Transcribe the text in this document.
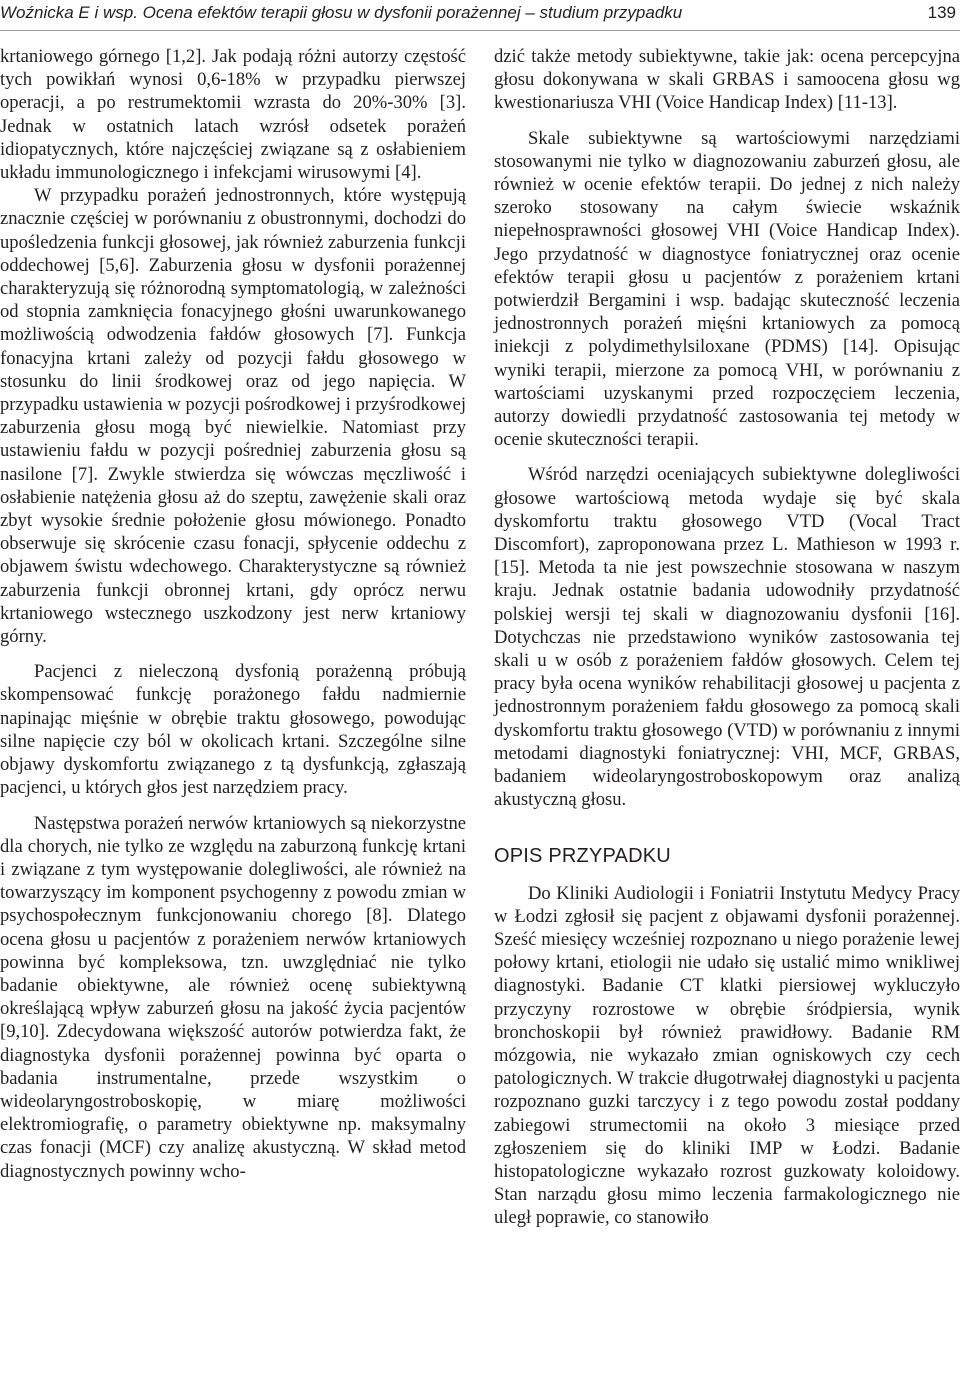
Woźnicka E i wsp. Ocena efektów terapii głosu w dysfonii porażennej – studium przypadku	139

krtaniowego górnego [1,2]. Jak podają różni autorzy częstość tych powikłań wynosi 0,6-18% w przypadku pierwszej operacji, a po restrumektomii wzrasta do 20%-30% [3]. Jednak w ostatnich latach wzrósł odsetek porażeń idiopatycznych, które najczęściej związane są z osłabieniem układu immunologicznego i infekcjami wirusowymi [4].

W przypadku porażeń jednostronnych, które występują znacznie częściej w porównaniu z obustronnymi, dochodzi do upośledzenia funkcji głosowej, jak również zaburzenia funkcji oddechowej [5,6]. Zaburzenia głosu w dysfonii porażennej charakteryzują się różnorodną symptomatologią, w zależności od stopnia zamknięcia fonacyjnego głośni uwarunkowanego możliwością odwodzenia fałdów głosowych [7]. Funkcja fonacyjna krtani zależy od pozycji fałdu głosowego w stosunku do linii środkowej oraz od jego napięcia. W przypadku ustawienia w pozycji pośrodkowej i przyśrodkowej zaburzenia głosu mogą być niewielkie. Natomiast przy ustawieniu fałdu w pozycji pośredniej zaburzenia głosu są nasilone [7]. Zwykle stwierdza się wówczas męczliwość i osłabienie natężenia głosu aż do szeptu, zawężenie skali oraz zbyt wysokie średnie położenie głosu mówionego. Ponadto obserwuje się skrócenie czasu fonacji, spłycenie oddechu z objawem świstu wdechowego. Charakterystyczne są również zaburzenia funkcji obronnej krtani, gdy oprócz nerwu krtaniowego wstecznego uszkodzony jest nerw krtaniowy górny.

Pacjenci z nieleczoną dysfonią porażenną próbują skompensować funkcję porażonego fałdu nadmiernie napinając mięśnie w obrębie traktu głosowego, powodując silne napięcie czy ból w okolicach krtani. Szczególne silne objawy dyskomfortu związanego z tą dysfunkcją, zgłaszają pacjenci, u których głos jest narzędziem pracy.

Następstwa porażeń nerwów krtaniowych są niekorzystne dla chorych, nie tylko ze względu na zaburzoną funkcję krtani i związane z tym występowanie dolegliwości, ale również na towarzyszący im komponent psychogenny z powodu zmian w psychospołecznym funkcjonowaniu chorego [8]. Dlatego ocena głosu u pacjentów z porażeniem nerwów krtaniowych powinna być kompleksowa, tzn. uwzględniać nie tylko badanie obiektywne, ale również ocenę subiektywną określającą wpływ zaburzeń głosu na jakość życia pacjentów [9,10]. Zdecydowana większość autorów potwierdza fakt, że diagnostyka dysfonii porażennej powinna być oparta o badania instrumentalne, przede wszystkim o wideolaryngostroboskopię, w miarę możliwości elektromiografię, o parametry obiektywne np. maksymalny czas fonacji (MCF) czy analizę akustyczną. W skład metod diagnostycznych powinny wcho-

dzić także metody subiektywne, takie jak: ocena percepcyjna głosu dokonywana w skali GRBAS i samoocena głosu wg kwestionariusza VHI (Voice Handicap Index) [11-13].

Skale subiektywne są wartościowymi narzędziami stosowanymi nie tylko w diagnozowaniu zaburzeń głosu, ale również w ocenie efektów terapii. Do jednej z nich należy szeroko stosowany na całym świecie wskaźnik niepełnosprawności głosowej VHI (Voice Handicap Index). Jego przydatność w diagnostyce foniatrycznej oraz ocenie efektów terapii głosu u pacjentów z porażeniem krtani potwierdził Bergamini i wsp. badając skuteczność leczenia jednostronnych porażeń mięśni krtaniowych za pomocą iniekcji z polydimethylsiloxane (PDMS) [14]. Opisując wyniki terapii, mierzone za pomocą VHI, w porównaniu z wartościami uzyskanymi przed rozpoczęciem leczenia, autorzy dowiedli przydatność zastosowania tej metody w ocenie skuteczności terapii.

Wśród narzędzi oceniających subiektywne dolegliwości głosowe wartościową metoda wydaje się być skala dyskomfortu traktu głosowego VTD (Vocal Tract Discomfort), zaproponowana przez L. Mathieson w 1993 r. [15]. Metoda ta nie jest powszechnie stosowana w naszym kraju. Jednak ostatnie badania udowodniły przydatność polskiej wersji tej skali w diagnozowaniu dysfonii [16]. Dotychczas nie przedstawiono wyników zastosowania tej skali u w osób z porażeniem fałdów głosowych. Celem tej pracy była ocena wyników rehabilitacji głosowej u pacjenta z jednostronnym porażeniem fałdu głosowego za pomocą skali dyskomfortu traktu głosowego (VTD) w porównaniu z innymi metodami diagnostyki foniatrycznej: VHI, MCF, GRBAS, badaniem wideolaryngostroboskopowym oraz analizą akustyczną głosu.

OPIS PRZYPADKU

Do Kliniki Audiologii i Foniatrii Instytutu Medycy Pracy w Łodzi zgłosił się pacjent z objawami dysfonii porażennej. Sześć miesięcy wcześniej rozpoznano u niego porażenie lewej połowy krtani, etiologii nie udało się ustalić mimo wnikliwej diagnostyki. Badanie CT klatki piersiowej wykluczyło przyczyny rozrostowe w obrębie śródpiersia, wynik bronchoskopii był również prawidłowy. Badanie RM mózgowia, nie wykazało zmian ogniskowych czy cech patologicznych. W trakcie długotrwałej diagnostyki u pacjenta rozpoznano guzki tarczycy i z tego powodu został poddany zabiegowi strumectomii na około 3 miesiące przed zgłoszeniem się do kliniki IMP w Łodzi. Badanie histopatologiczne wykazało rozrost guzkowaty koloidowy. Stan narządu głosu mimo leczenia farmakologicznego nie uległ poprawie, co stanowiło
